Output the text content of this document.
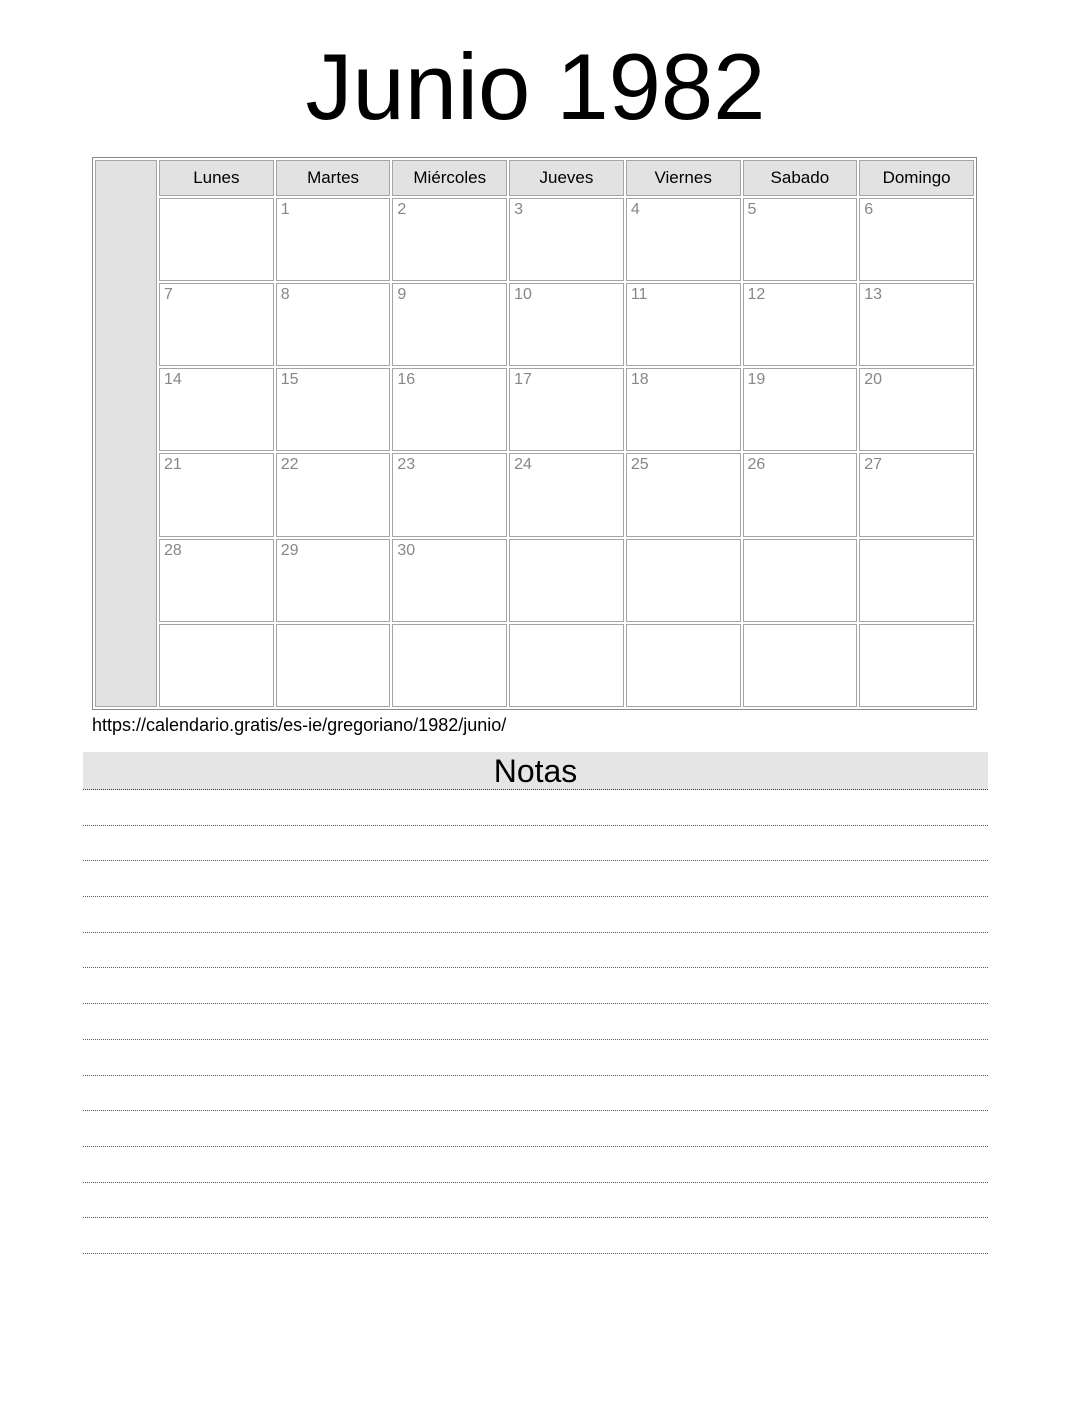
Junio 1982
	Lunes	Martes	Miércoles	Jueves	Viernes	Sabado	Domingo
		1	2	3	4	5	6
	7	8	9	10	11	12	13
	14	15	16	17	18	19	20
	21	22	23	24	25	26	27
	28	29	30				

https://calendario.gratis/es-ie/gregoriano/1982/junio/
Notas
